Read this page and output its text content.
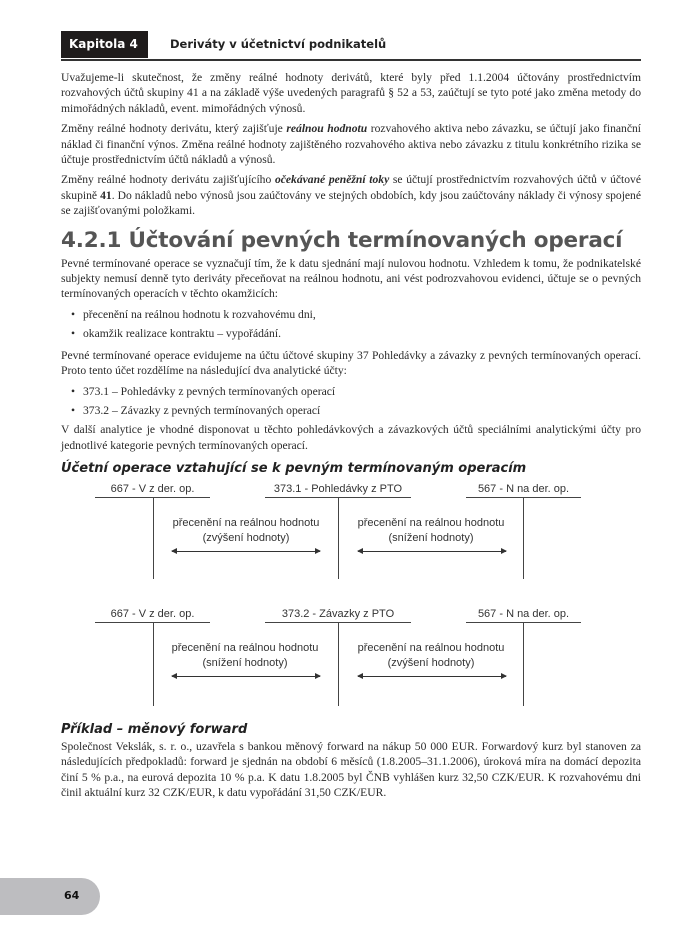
Kapitola 4	Deriváty v účetnictví podnikatelů

Uvažujeme-li skutečnost, že změny reálné hodnoty derivátů, které byly před 1.1.2004 účtovány prostřednictvím rozvahových účtů skupiny 41 a na základě výše uvedených paragrafů § 52 a 53, zaúčtují se tyto poté jako změna metody do mimořádných nákladů, event. mimořádných výnosů.

Změny reálné hodnoty derivátu, který zajišťuje reálnou hodnotu rozvahového aktiva nebo závazku, se účtují jako finanční náklad či finanční výnos. Změna reálné hodnoty zajištěného rozvahového aktiva nebo závazku z titulu konkrétního rizika se účtuje prostřednictvím účtů nákladů a výnosů.

Změny reálné hodnoty derivátu zajišťujícího očekávané peněžní toky se účtují prostřednictvím rozvahových účtů v účtové skupině 41. Do nákladů nebo výnosů jsou zaúčtovány ve stejných obdobích, kdy jsou zaúčtovány náklady či výnosy spojené se zajišťovanými položkami.

4.2.1 Účtování pevných termínovaných operací

Pevné termínované operace se vyznačují tím, že k datu sjednání mají nulovou hodnotu. Vzhledem k tomu, že podnikatelské subjekty nemusí denně tyto deriváty přeceňovat na reálnou hodnotu, ani vést podrozvahovou evidenci, účtuje se o pevných termínovaných operacích v těchto okamžicích:

• přecenění na reálnou hodnotu k rozvahovému dni,
• okamžik realizace kontraktu – vypořádání.

Pevné termínované operace evidujeme na účtu účtové skupiny 37 Pohledávky a závazky z pevných termínovaných operací. Proto tento účet rozdělíme na následující dva analytické účty:

• 373.1 – Pohledávky z pevných termínovaných operací
• 373.2 – Závazky z pevných termínovaných operací

V další analytice je vhodné disponovat u těchto pohledávkových a závazkových účtů speciálními analytickými účty pro jednotlivé kategorie pevných termínovaných operací.

Účetní operace vztahující se k pevným termínovaným operacím
667 - V z der. op.	373.1 - Pohledávky z PTO	567 - N na der. op.
přecenění na reálnou hodnotu
(zvýšení hodnoty)
přecenění na reálnou hodnotu
(snížení hodnoty)
667 - V z der. op.	373.2 - Závazky z PTO	567 - N na der. op.
přecenění na reálnou hodnotu
(snížení hodnoty)
přecenění na reálnou hodnotu
(zvýšení hodnoty)
Příklad – měnový forward

Společnost Vekslák, s. r. o., uzavřela s bankou měnový forward na nákup 50 000 EUR. Forwardový kurz byl stanoven za následujících předpokladů: forward je sjednán na období 6 měsíců (1.8.2005–31.1.2006), úroková míra na domácí depozita činí 5 % p.a., na eurová depozita 10 % p.a. K datu 1.8.2005 byl ČNB vyhlášen kurz 32,50 CZK/EUR. K rozvahovému dni činil aktuální kurz 32 CZK/EUR, k datu vypořádání 31,50 CZK/EUR.

64
